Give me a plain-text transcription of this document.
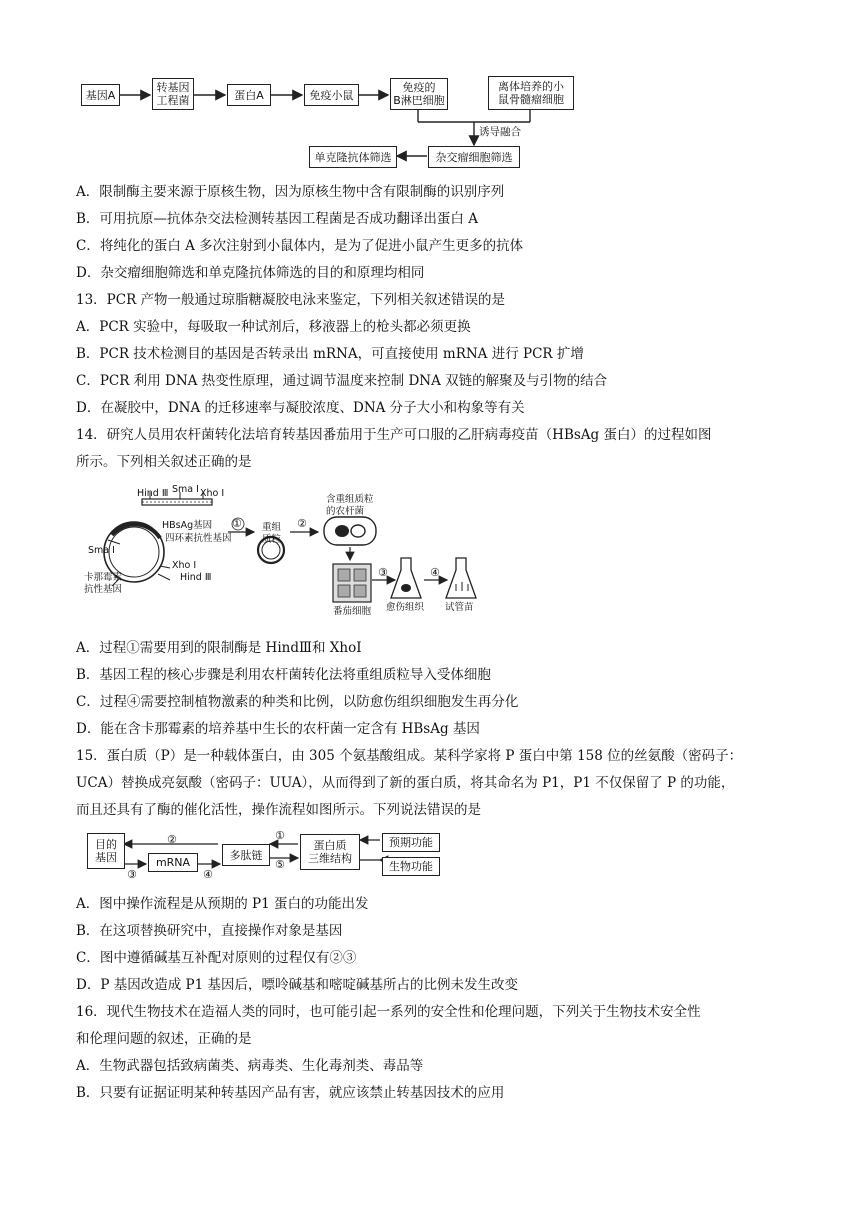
基因A
转基因
工程菌	蛋白A	免疫小鼠
免疫的
B淋巴细胞
离体培养的小
鼠骨髓瘤细胞
诱导融合
杂交瘤细胞筛选
单克隆抗体筛选
A．限制酶主要来源于原核生物，因为原核生物中含有限制酶的识别序列
B．可用抗原—抗体杂交法检测转基因工程菌是否成功翻译出蛋白 A
C．将纯化的蛋白 A 多次注射到小鼠体内，是为了促进小鼠产生更多的抗体
D．杂交瘤细胞筛选和单克隆抗体筛选的目的和原理均相同
13．PCR 产物一般通过琼脂糖凝胶电泳来鉴定，下列相关叙述错误的是
A．PCR 实验中，每吸取一种试剂后，移液器上的枪头都必须更换
B．PCR 技术检测目的基因是否转录出 mRNA，可直接使用 mRNA 进行 PCR 扩增
C．PCR 利用 DNA 热变性原理，通过调节温度来控制 DNA 双链的解聚及与引物的结合
D．在凝胶中，DNA 的迁移速率与凝胶浓度、DNA 分子大小和构象等有关
14．研究人员用农杆菌转化法培育转基因番茄用于生产可口服的乙肝病毒疫苗（HBsAg 蛋白）的过程如图
所示。下列相关叙述正确的是
Hind Ⅲ Sma Ⅰ Xho Ⅰ
HBsAg基因
四环素抗性基因
Sma Ⅰ
Xho Ⅰ
Hind Ⅲ
卡那霉素
抗性基因
① 重组
质粒
②
含重组质粒
的农杆菌
番茄细胞
③
愈伤组织
④
试管苗
A．过程①需要用到的限制酶是 HindⅢ和 XhoI
B．基因工程的核心步骤是利用农杆菌转化法将重组质粒导入受体细胞
C．过程④需要控制植物激素的种类和比例，以防愈伤组织细胞发生再分化
D．能在含卡那霉素的培养基中生长的农杆菌一定含有 HBsAg 基因
15．蛋白质（P）是一种载体蛋白，由 305 个氨基酸组成。某科学家将 P 蛋白中第 158 位的丝氨酸（密码子：
UCA）替换成亮氨酸（密码子：UUA），从而得到了新的蛋白质，将其命名为 P1，P1 不仅保留了 P 的功能，
而且还具有了酶的催化活性，操作流程如图所示。下列说法错误的是
目的
基因	mRNA
多肽链
蛋白质
三维结构
预期功能
生物功能
①
②
③	④
⑤
A．图中操作流程是从预期的 P1 蛋白的功能出发
B．在这项替换研究中，直接操作对象是基因
C．图中遵循碱基互补配对原则的过程仅有②③
D．P 基因改造成 P1 基因后，嘌呤碱基和嘧啶碱基所占的比例未发生改变
16．现代生物技术在造福人类的同时，也可能引起一系列的安全性和伦理问题，下列关于生物技术安全性
和伦理问题的叙述，正确的是
A．生物武器包括致病菌类、病毒类、生化毒剂类、毒品等
B．只要有证据证明某种转基因产品有害，就应该禁止转基因技术的应用
